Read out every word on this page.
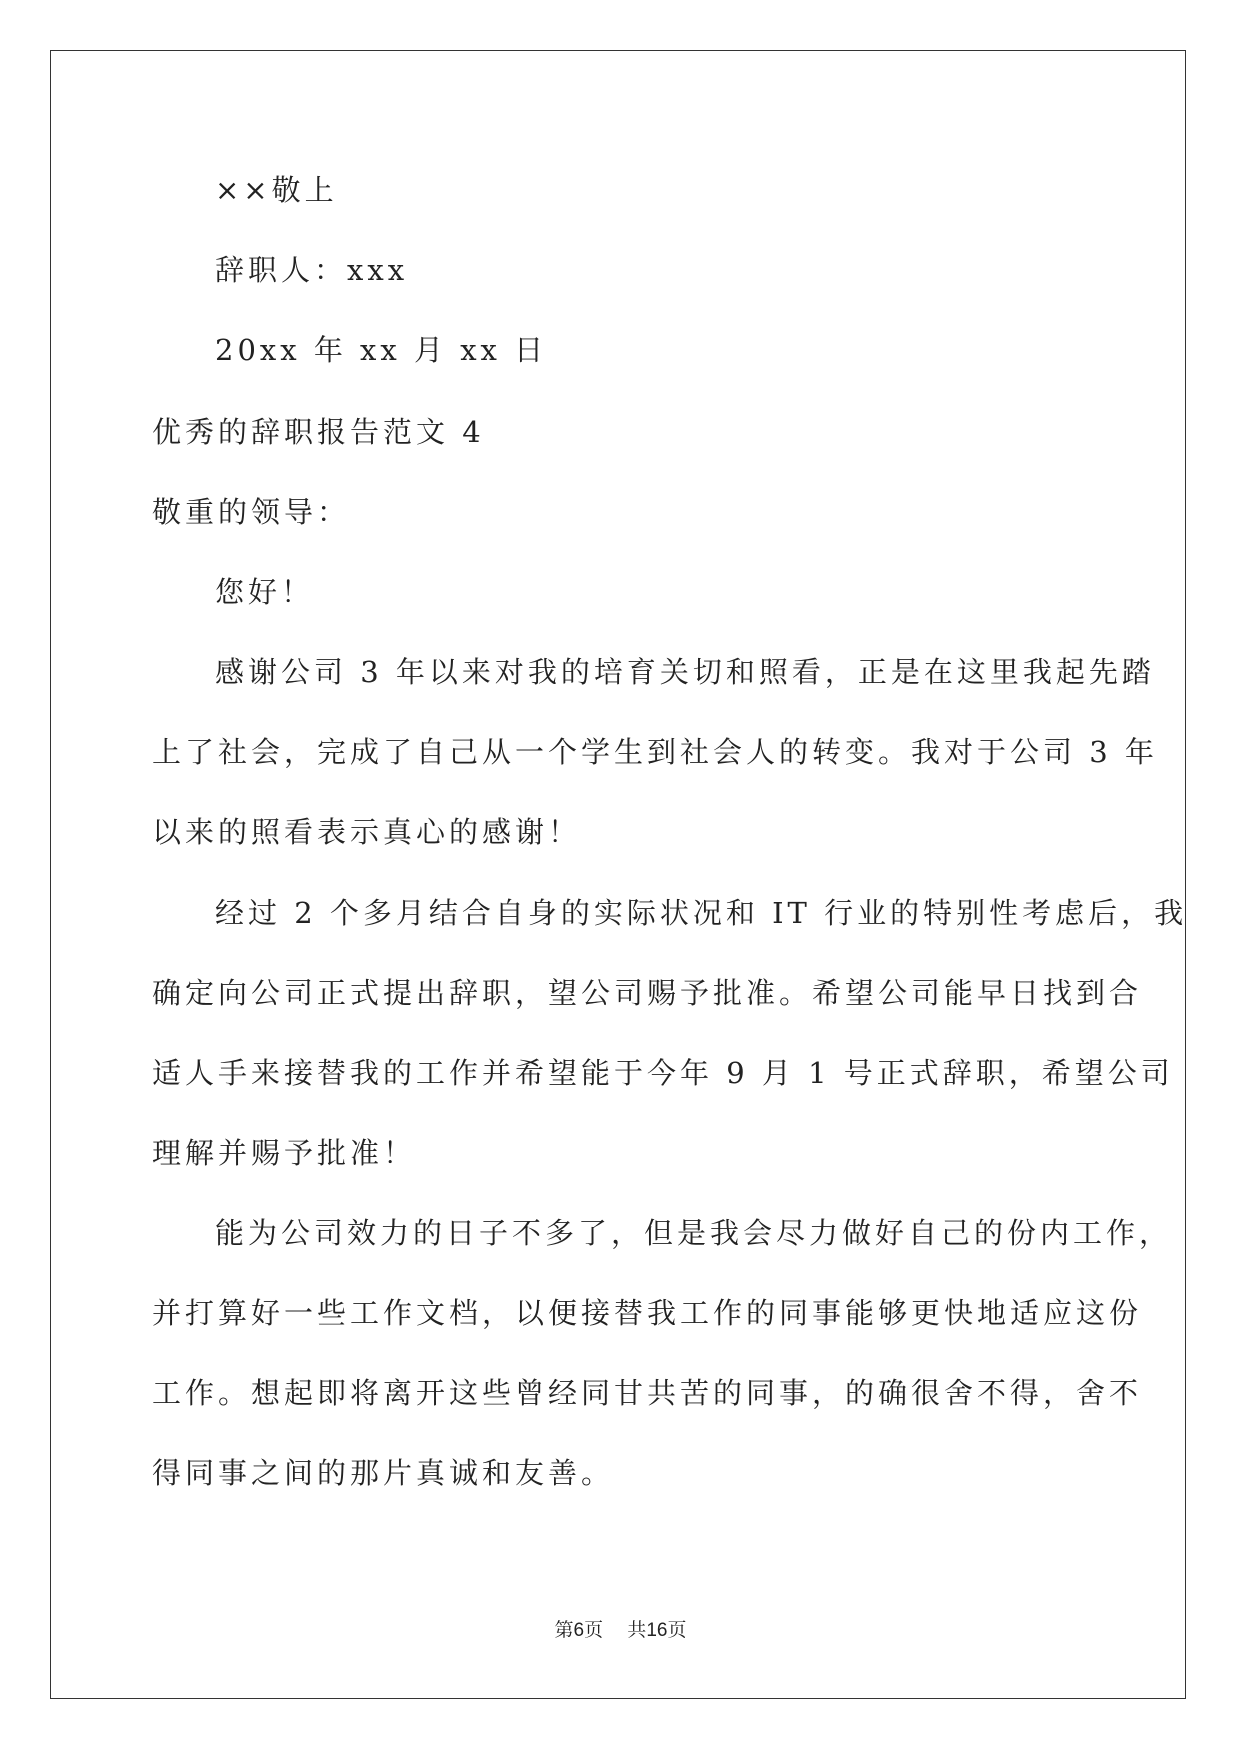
××敬上
辞职人：xxx
20xx 年 xx 月 xx 日
优秀的辞职报告范文 4
敬重的领导：
您好！
感谢公司 3 年以来对我的培育关切和照看，正是在这里我起先踏
上了社会，完成了自己从一个学生到社会人的转变。我对于公司 3 年
以来的照看表示真心的感谢！
经过 2 个多月结合自身的实际状况和 IT 行业的特别性考虑后，我
确定向公司正式提出辞职，望公司赐予批准。希望公司能早日找到合
适人手来接替我的工作并希望能于今年 9 月 1 号正式辞职，希望公司
理解并赐予批准！
能为公司效力的日子不多了，但是我会尽力做好自己的份内工作，
并打算好一些工作文档，以便接替我工作的同事能够更快地适应这份
工作。想起即将离开这些曾经同甘共苦的同事，的确很舍不得，舍不
得同事之间的那片真诚和友善。
第6页 共16页
